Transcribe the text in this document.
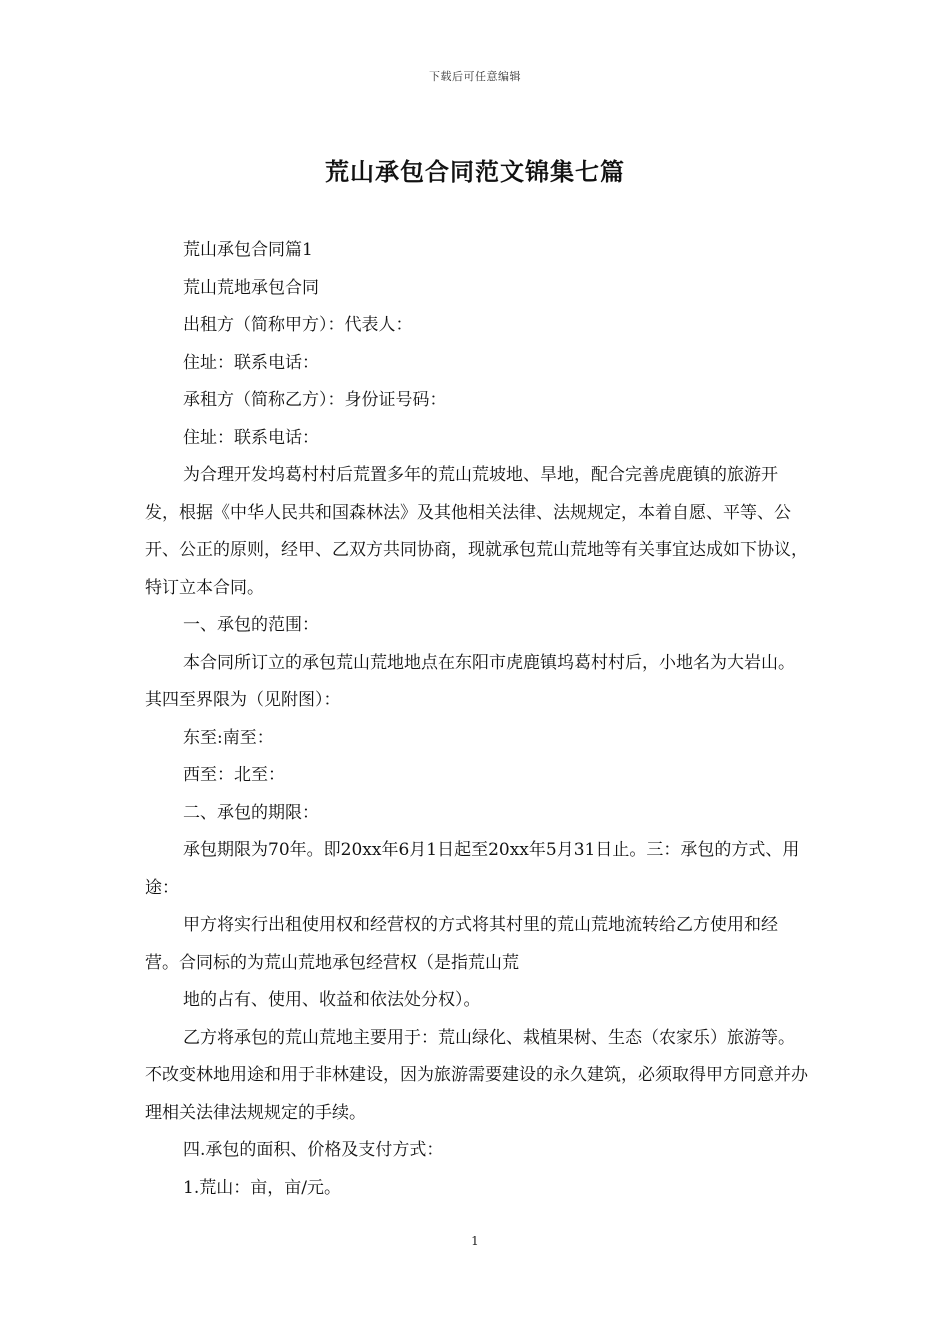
下载后可任意编辑
荒山承包合同范文锦集七篇

荒山承包合同篇1

荒山荒地承包合同

出租方（简称甲方）：代表人：

住址：联系电话：

承租方（简称乙方）：身份证号码：

住址：联系电话：

为合理开发坞葛村村后荒置多年的荒山荒坡地、旱地，配合完善虎鹿镇的旅游开发，根据《中华人民共和国森林法》及其他相关法律、法规规定，本着自愿、平等、公开、公正的原则，经甲、乙双方共同协商，现就承包荒山荒地等有关事宜达成如下协议，特订立本合同。

一、承包的范围：

本合同所订立的承包荒山荒地地点在东阳市虎鹿镇坞葛村村后，小地名为大岩山。其四至界限为（见附图）：

东至:南至：

西至：北至：

二、承包的期限：

承包期限为70年。即20xx年6月1日起至20xx年5月31日止。三：承包的方式、用途：

甲方将实行出租使用权和经营权的方式将其村里的荒山荒地流转给乙方使用和经营。合同标的为荒山荒地承包经营权（是指荒山荒

地的占有、使用、收益和依法处分权）。

乙方将承包的荒山荒地主要用于：荒山绿化、栽植果树、生态（农家乐）旅游等。不改变林地用途和用于非林建设，因为旅游需要建设的永久建筑，必须取得甲方同意并办理相关法律法规规定的手续。

四.承包的面积、价格及支付方式：

1.荒山：亩，亩/元。

1
